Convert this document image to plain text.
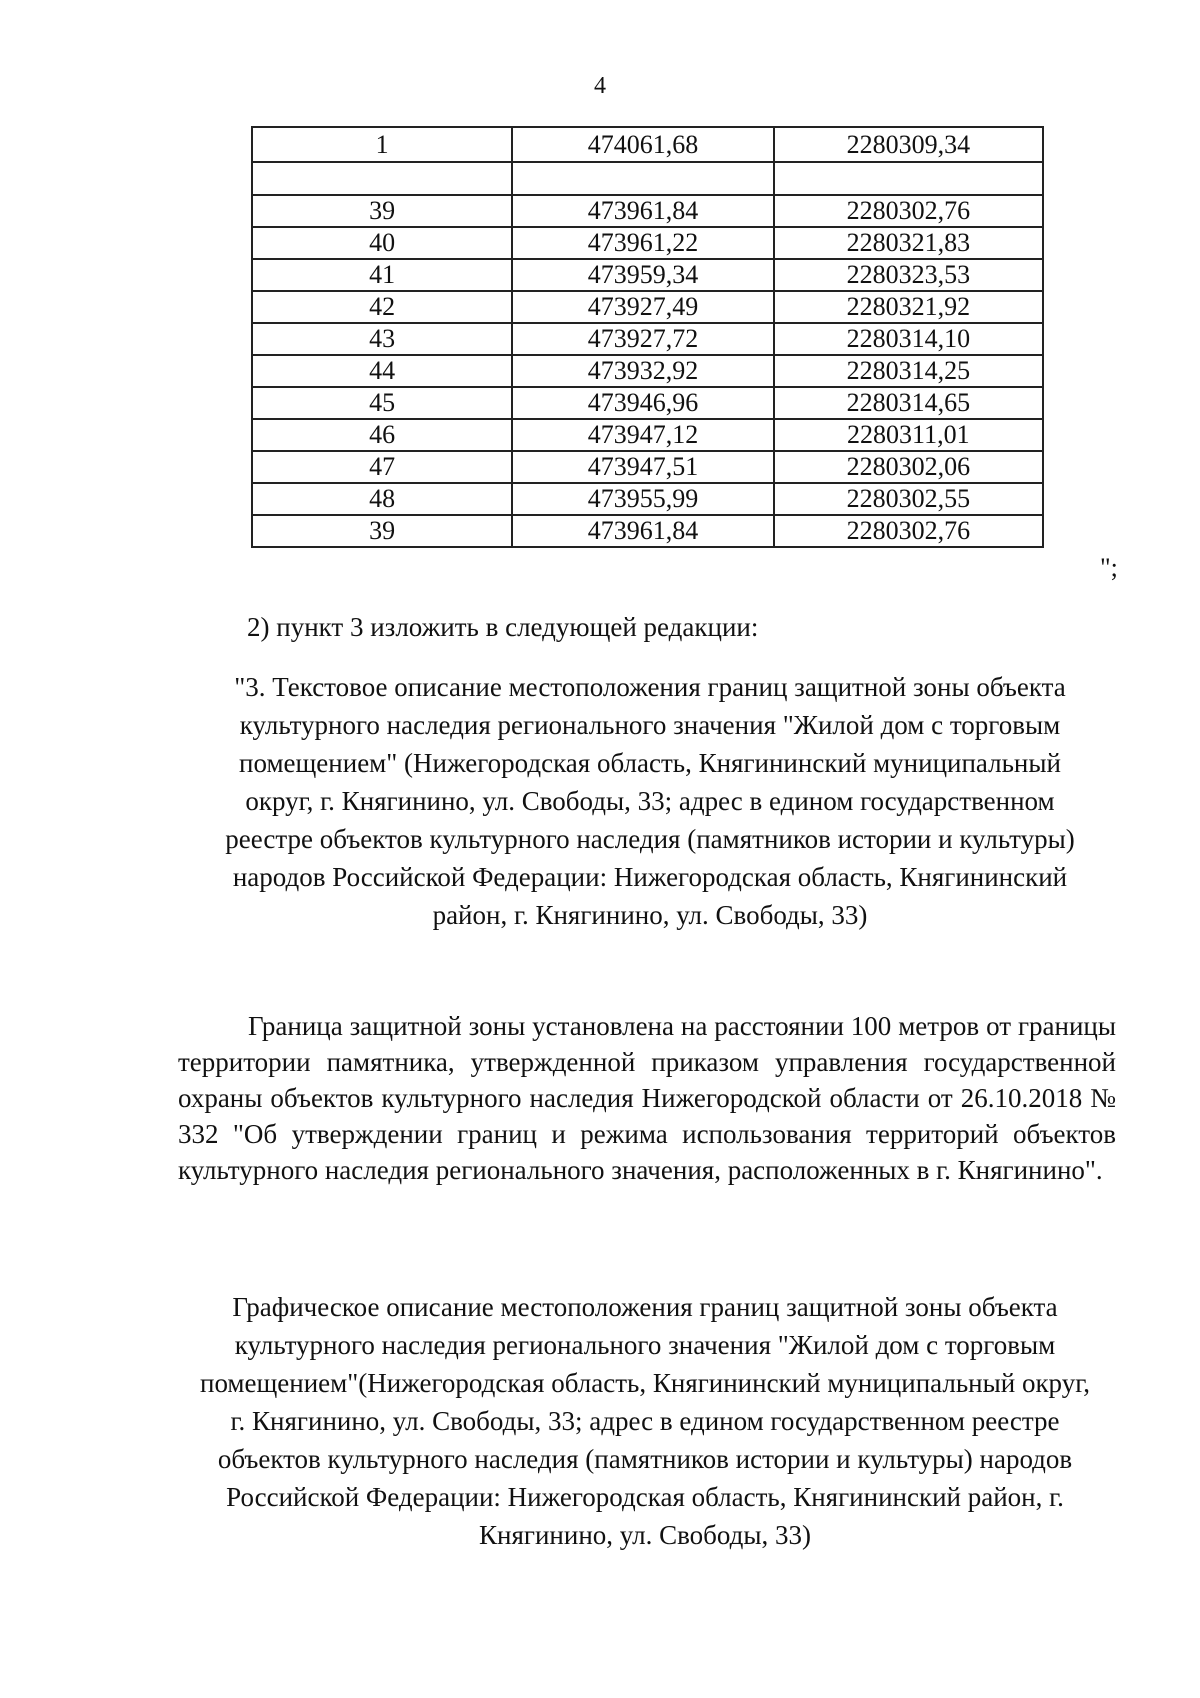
4
1	474061,68	2280309,34

39	473961,84	2280302,76
40	473961,22	2280321,83
41	473959,34	2280323,53
42	473927,49	2280321,92
43	473927,72	2280314,10
44	473932,92	2280314,25
45	473946,96	2280314,65
46	473947,12	2280311,01
47	473947,51	2280302,06
48	473955,99	2280302,55
39	473961,84	2280302,76
";

2) пункт 3 изложить в следующей редакции:

"3. Текстовое описание местоположения границ защитной зоны объекта
культурного наследия регионального значения "Жилой дом с торговым
помещением" (Нижегородская область, Княгининский муниципальный
округ, г. Княгинино, ул. Свободы, 33; адрес в едином государственном
реестре объектов культурного наследия (памятников истории и культуры)
народов Российской Федерации: Нижегородская область, Княгининский
район, г. Княгинино, ул. Свободы, 33)

Граница защитной зоны установлена на расстоянии 100 метров от границы территории памятника, утвержденной приказом управления государственной охраны объектов культурного наследия Нижегородской области от 26.10.2018 № 332 "Об утверждении границ и режима использования территорий объектов культурного наследия регионального значения, расположенных в г. Княгинино".

Графическое описание местоположения границ защитной зоны объекта
культурного наследия регионального значения "Жилой дом с торговым
помещением"(Нижегородская область, Княгининский муниципальный округ,
г. Княгинино, ул. Свободы, 33; адрес в едином государственном реестре
объектов культурного наследия (памятников истории и культуры) народов
Российской Федерации: Нижегородская область, Княгининский район, г.
Княгинино, ул. Свободы, 33)
